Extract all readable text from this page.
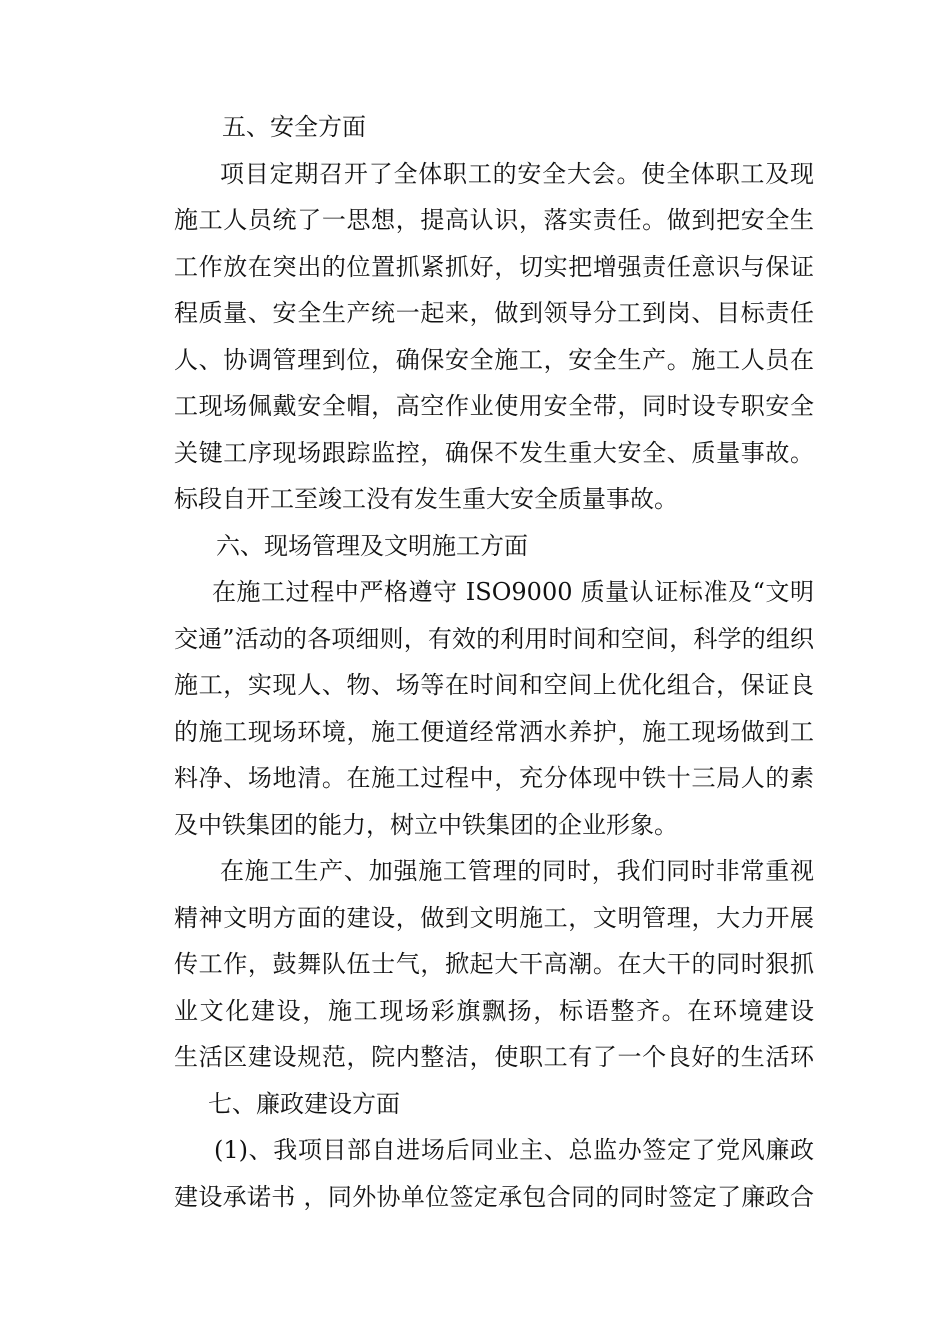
五、安全方面
项目定期召开了全体职工的安全大会。使全体职工及现
施工人员统了一思想，提高认识，落实责任。做到把安全生
工作放在突出的位置抓紧抓好，切实把增强责任意识与保证
程质量、安全生产统一起来，做到领导分工到岗、目标责任
人、协调管理到位，确保安全施工，安全生产。施工人员在
工现场佩戴安全帽，高空作业使用安全带，同时设专职安全
关键工序现场跟踪监控，确保不发生重大安全、质量事故。
标段自开工至竣工没有发生重大安全质量事故。
六、现场管理及文明施工方面
在施工过程中严格遵守 ISO9000 质量认证标准及“文明
交通”活动的各项细则，有效的利用时间和空间，科学的组织
施工，实现人、物、场等在时间和空间上优化组合，保证良
的施工现场环境，施工便道经常洒水养护，施工现场做到工
料净、场地清。在施工过程中，充分体现中铁十三局人的素
及中铁集团的能力，树立中铁集团的企业形象。
在施工生产、加强施工管理的同时，我们同时非常重视
精神文明方面的建设，做到文明施工，文明管理，大力开展
传工作，鼓舞队伍士气，掀起大干高潮。在大干的同时狠抓
业文化建设，施工现场彩旗飘扬，标语整齐。在环境建设
生活区建设规范，院内整洁，使职工有了一个良好的生活环
七、廉政建设方面
(1)、我项目部自进场后同业主、总监办签定了党风廉政
建设承诺书 ，同外协单位签定承包合同的同时签定了廉政合
